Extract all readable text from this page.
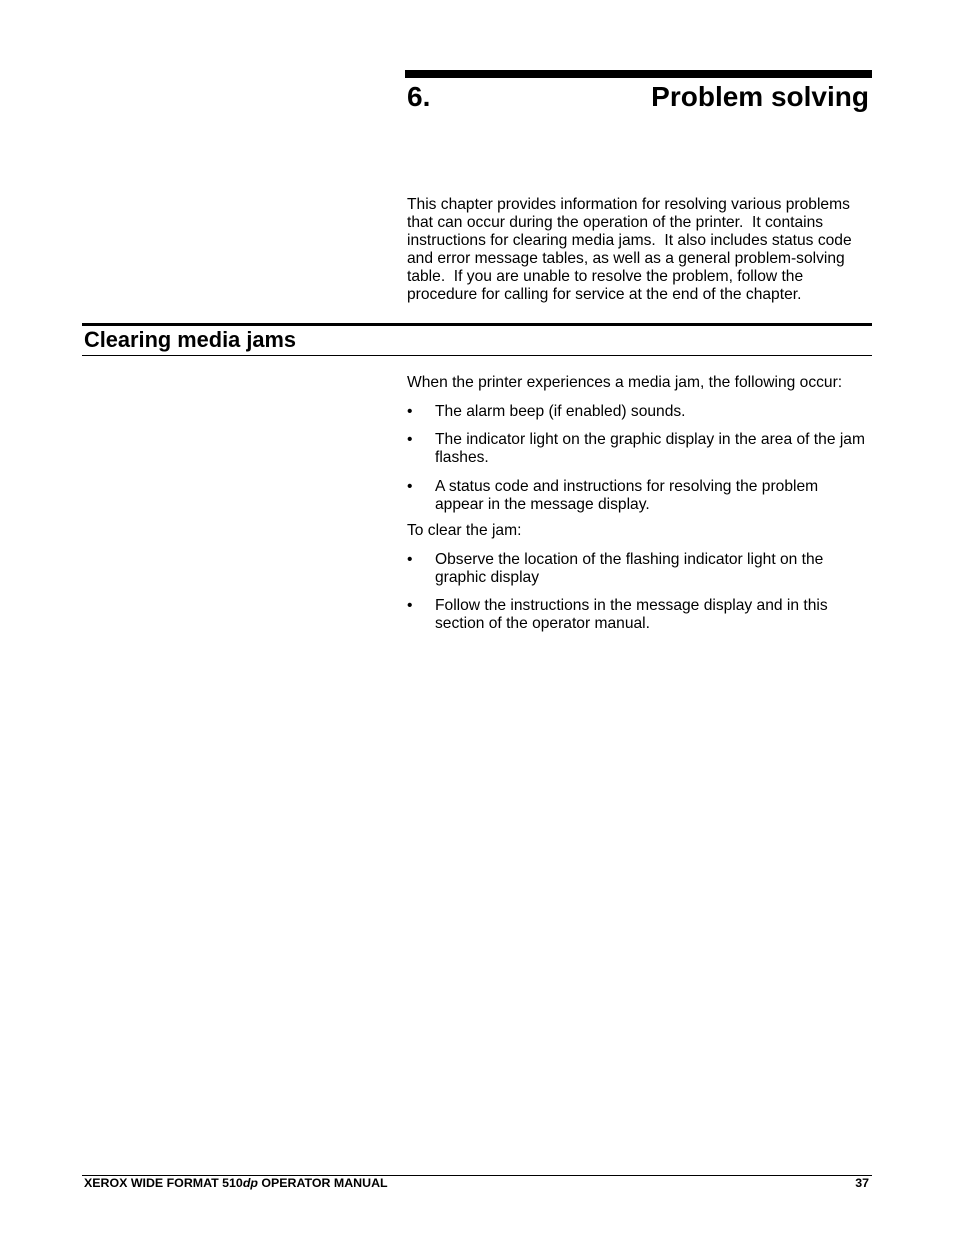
6.	Problem solving
This chapter provides information for resolving various problems
that can occur during the operation of the printer.  It contains
instructions for clearing media jams.  It also includes status code
and error message tables, as well as a general problem-solving
table.  If you are unable to resolve the problem, follow the
procedure for calling for service at the end of the chapter.
Clearing media jams
When the printer experiences a media jam, the following occur:
• The alarm beep (if enabled) sounds.
• The indicator light on the graphic display in the area of the jam
flashes.
• A status code and instructions for resolving the problem
appear in the message display.
To clear the jam:
• Observe the location of the flashing indicator light on the
graphic display
• Follow the instructions in the message display and in this
section of the operator manual.
XEROX WIDE FORMAT 510dp OPERATOR MANUAL	37
